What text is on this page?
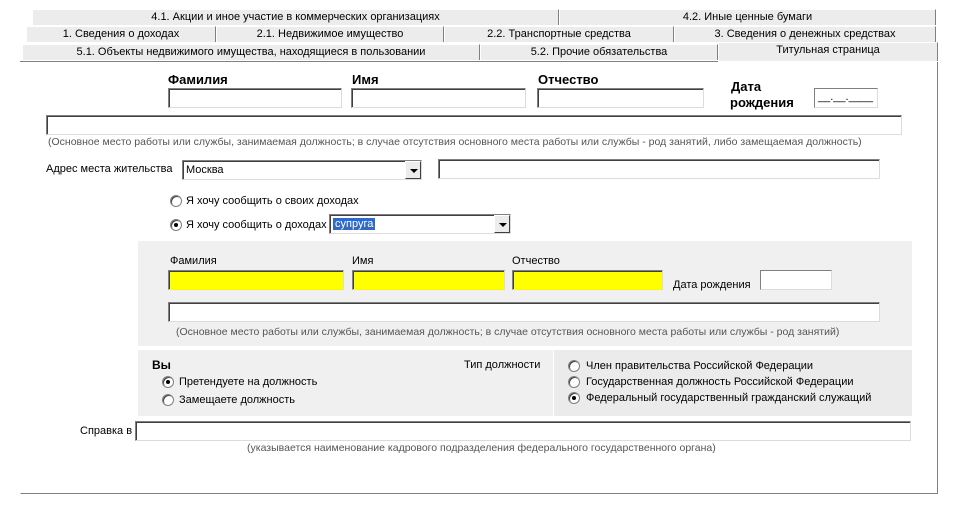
4.1. Акции и иное участие в коммерческих организациях	4.2. Иные ценные бумаги
1. Сведения о доходах	2.1. Недвижимое имущество	2.2. Транспортные средства	3. Сведения о денежных средствах
5.1. Объекты недвижимого имущества, находящиеся в пользовании	5.2. Прочие обязательства	Титульная страница
Фамилия	Имя	Отчество	Дата
рождения	__.__.____
(Основное место работы или службы, занимаемая должность; в случае отсутствия основного места работы или службы - род занятий, либо замещаемая должность)
Адрес места жительства	Москва
Я хочу сообщить о своих доходах
Я хочу сообщить о доходах супруга
Фамилия	Имя	Отчество
Дата рождения
(Основное место работы или службы, занимаемая должность; в случае отсутствия основного места работы или службы - род занятий)
Вы
Претендуете на должность
Замещаете должность
Тип должности	Член правительства Российской Федерации
Государственная должность Российской Федерации
Федеральный государственный гражданский служащий
Справка в
(указывается наименование кадрового подразделения федерального государственного органа)
